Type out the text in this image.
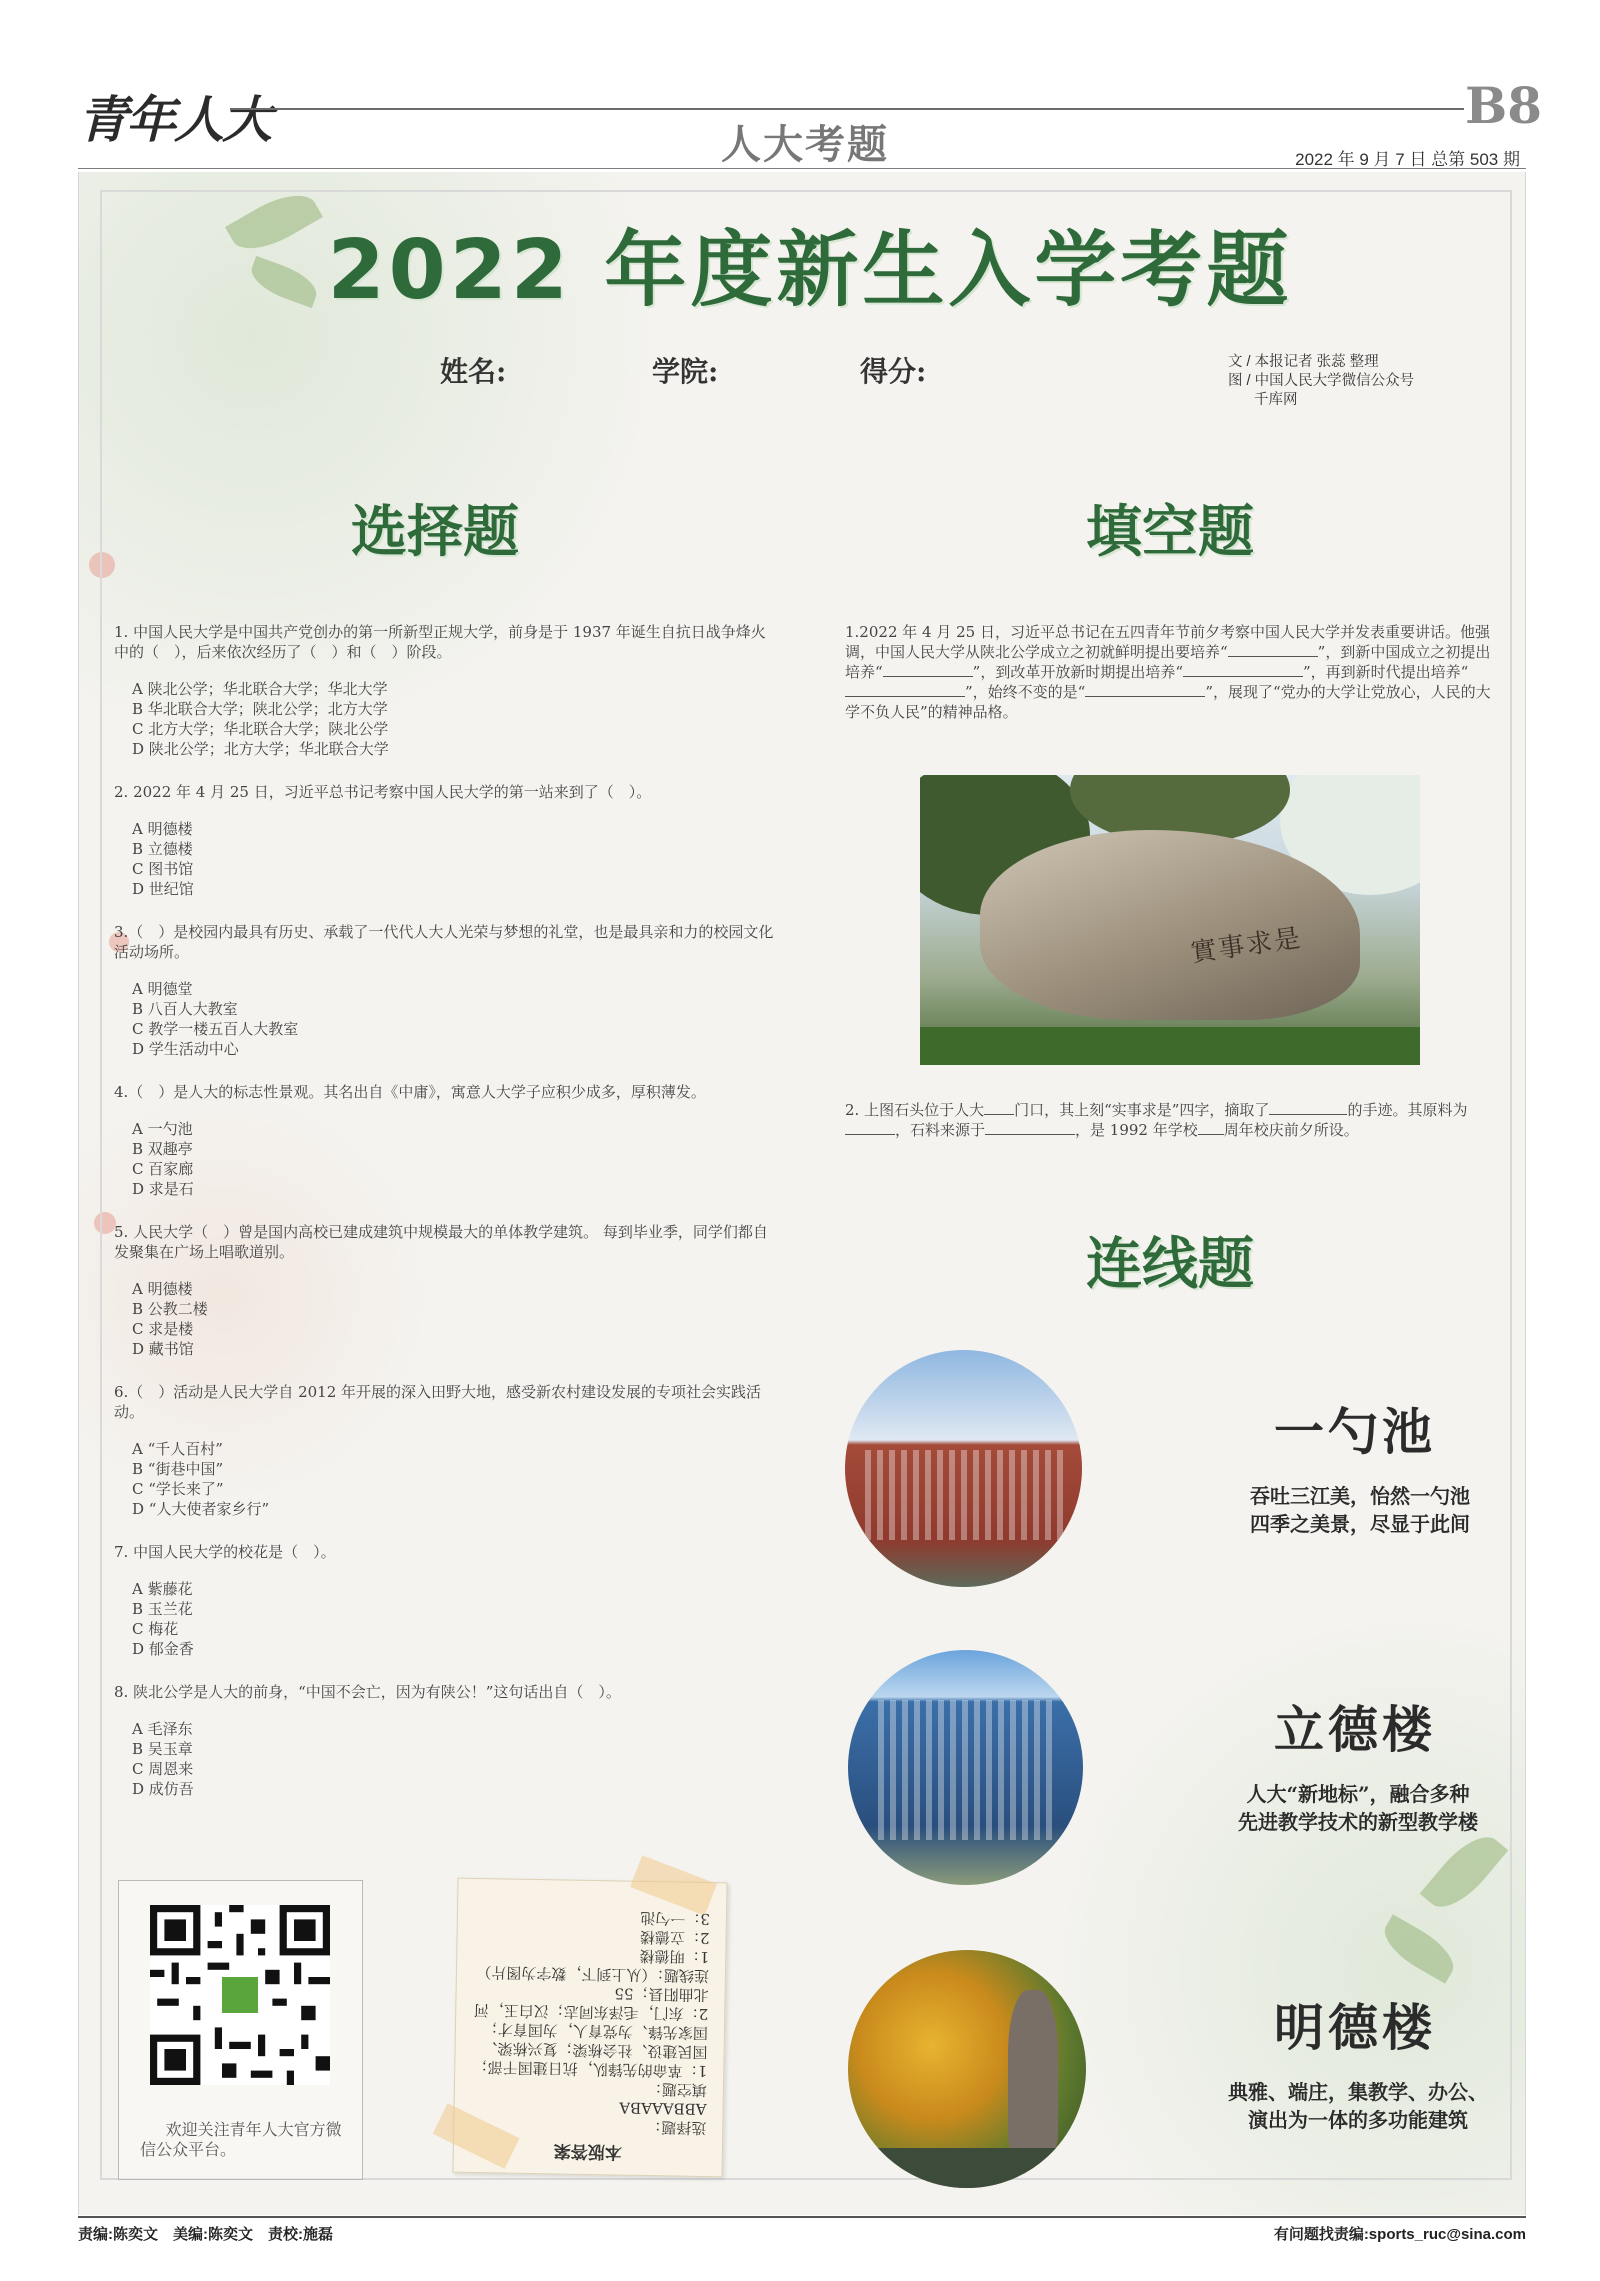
青年人大	B8
人大考题	2022 年 9 月 7 日 总第 503 期
2022 年度新生入学考题
姓名:	学院:	得分:	文 / 本报记者 张蕊 整理
图 / 中国人民大学微信公众号
千库网
选择题	填空题
连线题
1. 中国人民大学是中国共产党创办的第一所新型正规大学，前身是于 1937 年诞生自抗日战争烽火中的（　），后来依次经历了（　）和（　）阶段。
A 陕北公学；华北联合大学；华北大学
B 华北联合大学；陕北公学；北方大学
C 北方大学；华北联合大学；陕北公学
D 陕北公学；北方大学；华北联合大学
2. 2022 年 4 月 25 日，习近平总书记考察中国人民大学的第一站来到了（　）。
A 明德楼
B 立德楼
C 图书馆
D 世纪馆
3.（　）是校园内最具有历史、承载了一代代人大人光荣与梦想的礼堂，也是最具亲和力的校园文化活动场所。
A 明德堂
B 八百人大教室
C 教学一楼五百人大教室
D 学生活动中心
4.（　）是人大的标志性景观。其名出自《中庸》，寓意人大学子应积少成多，厚积薄发。
A 一勺池
B 双趣亭
C 百家廊
D 求是石
5. 人民大学（　）曾是国内高校已建成建筑中规模最大的单体教学建筑。 每到毕业季，同学们都自发聚集在广场上唱歌道别。
A 明德楼
B 公教二楼
C 求是楼
D 藏书馆
6.（　）活动是人民大学自 2012 年开展的深入田野大地，感受新农村建设发展的专项社会实践活动。
A “千人百村”
B “街巷中国”
C “学长来了”
D “人大使者家乡行”
7. 中国人民大学的校花是（　）。
A 紫藤花
B 玉兰花
C 梅花
D 郁金香
8. 陕北公学是人大的前身，“中国不会亡，因为有陕公！”这句话出自（　）。
A 毛泽东
B 吴玉章
C 周恩来
D 成仿吾
1.2022 年 4 月 25 日，习近平总书记在五四青年节前夕考察中国人民大学并发表重要讲话。他强调，中国人民大学从陕北公学成立之初就鲜明提出要培养“	”，到新中国成立之初提出培养“	”，到改革开放新时期提出培养“	”，再到新时代提出培养“”，始终不变的是“	”，展现了“党办的大学让党放心，人民的大学不负人民”的精神品格。
實事求是
2. 上图石头位于人大 门口，其上刻“实事求是”四字，摘取了	的手迹。其原料为，石料来源于	，是 1992 年学校 周年校庆前夕所设。
一勺池
吞吐三江美，怡然一勺池
四季之美景，尽显于此间
立德楼
人大“新地标”，融合多种
先进教学技术的新型教学楼
明德楼
典雅、端庄，集教学、办公、
演出为一体的多功能建筑
欢迎关注青年人大官方微信公众平台。	本版答案
选择题：
ABBAAABA
填空题：
1：革命的先锋队，抗日建国干部；
国民建设、社会栋梁；复兴栋梁、
国家先锋、为党育人，为国育才；
2：东门，毛泽东同志；汉白玉，河
北曲阳县；55
连线题：（从上到下，数字为图片）
1：明德楼
2：立德楼
3：一勺池
责编:陈奕文　美编:陈奕文　责校:施磊	有问题找责编:sports_ruc@sina.com
